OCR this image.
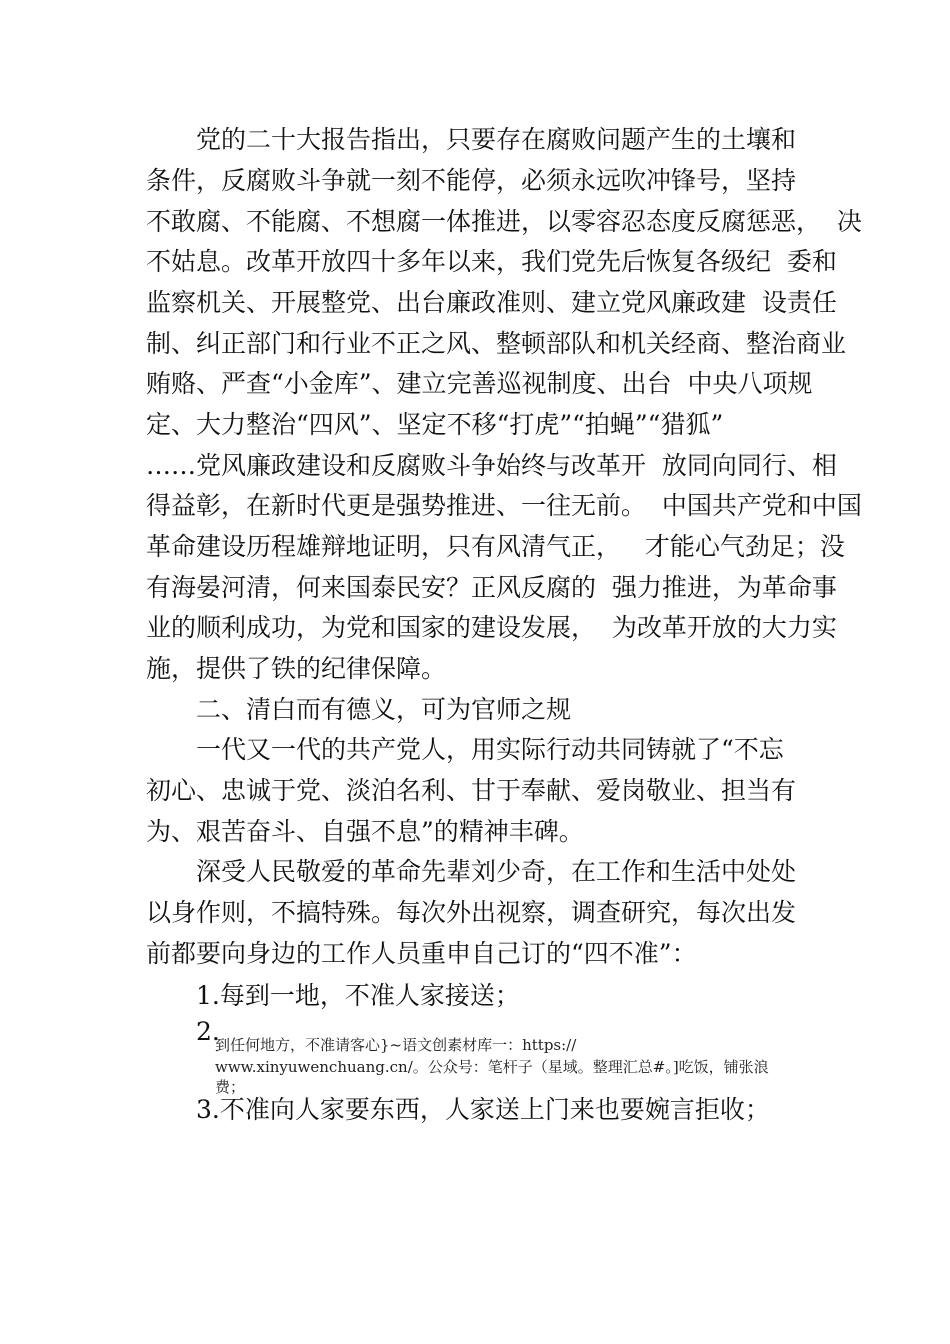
党的二十大报告指出，只要存在腐败问题产生的土壤和

条件，反腐败斗争就一刻不能停，必须永远吹冲锋号，坚持

不敢腐、不能腐、不想腐一体推进，以零容忍态度反腐惩恶，  决

不姑息。改革开放四十多年以来，我们党先后恢复各级纪  委和

监察机关、开展整党、出台廉政准则、建立党风廉政建  设责任

制、纠正部门和行业不正之风、整顿部队和机关经商、整治商业

贿赂、严查“小金库”、建立完善巡视制度、出台  中央八项规

定、大力整治“四风”、坚定不移“打虎”“拍蝇”“猎狐”

……党风廉政建设和反腐败斗争始终与改革开  放同向同行、相

得益彰，在新时代更是强势推进、一往无前。  中国共产党和中国

革命建设历程雄辩地证明，只有风清气正，   才能心气劲足；没

有海晏河清，何来国泰民安？正风反腐的  强力推进，为革命事

业的顺利成功，为党和国家的建设发展，  为改革开放的大力实

施，提供了铁的纪律保障。

二、清白而有德义，可为官师之规

一代又一代的共产党人，用实际行动共同铸就了“不忘

初心、忠诚于党、淡泊名利、甘于奉献、爱岗敬业、担当有

为、艰苦奋斗、自强不息”的精神丰碑。

深受人民敬爱的革命先辈刘少奇，在工作和生活中处处

以身作则，不搞特殊。每次外出视察，调查研究，每次出发

前都要向身边的工作人员重申自己订的“四不准”：

1.每到一地，不准人家接送；

2.

到任何地方，不准请客心}~语文创素材库一：https://

www.xinyuwenchuang.cn/。公众号：笔杆子（星域。整理汇总#。]吃饭，铺张浪

费；

3.不准向人家要东西，人家送上门来也要婉言拒收；
